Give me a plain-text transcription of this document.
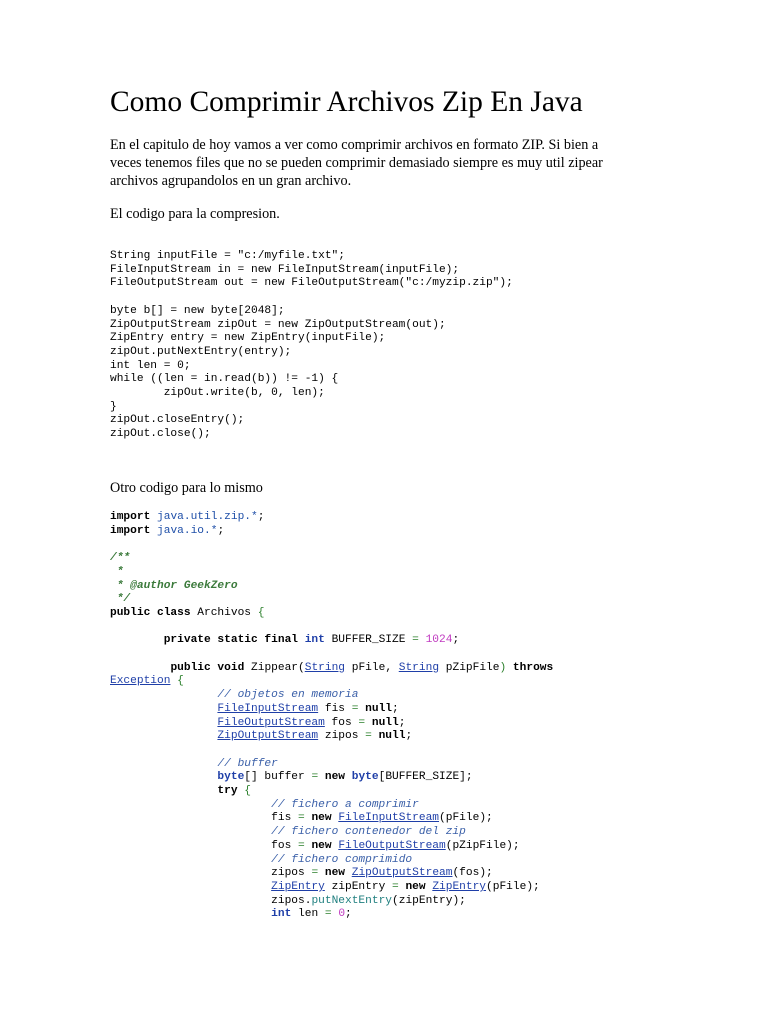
Como Comprimir Archivos Zip En Java

En el capitulo de hoy vamos a ver como comprimir archivos en formato ZIP. Si bien a

veces tenemos files que no se pueden comprimir demasiado siempre es muy util zipear

archivos agrupandolos en un gran archivo.

El codigo para la compresion.

String inputFile = "c:/myfile.txt";
FileInputStream in = new FileInputStream(inputFile);
FileOutputStream out = new FileOutputStream("c:/myzip.zip");
byte b[] = new byte[2048];
ZipOutputStream zipOut = new ZipOutputStream(out);
ZipEntry entry = new ZipEntry(inputFile);
zipOut.putNextEntry(entry);
int len = 0;
while ((len = in.read(b)) != -1) {
zipOut.write(b, 0, len);
}
zipOut.closeEntry();
zipOut.close();

Otro codigo para lo mismo

import java.util.zip.*;
import java.io.*;
/**
*
* @author GeekZero
*/
public class Archivos {
private static final int BUFFER_SIZE = 1024;
public void Zippear(String pFile, String pZipFile) throws
Exception {
// objetos en memoria
FileInputStream fis = null;
FileOutputStream fos = null;
ZipOutputStream zipos = null;
// buffer
byte[] buffer = new byte[BUFFER_SIZE];
try {
// fichero a comprimir
fis = new FileInputStream(pFile);
// fichero contenedor del zip
fos = new FileOutputStream(pZipFile);
// fichero comprimido
zipos = new ZipOutputStream(fos);
ZipEntry zipEntry = new ZipEntry(pFile);
zipos.putNextEntry(zipEntry);
int len = 0;
